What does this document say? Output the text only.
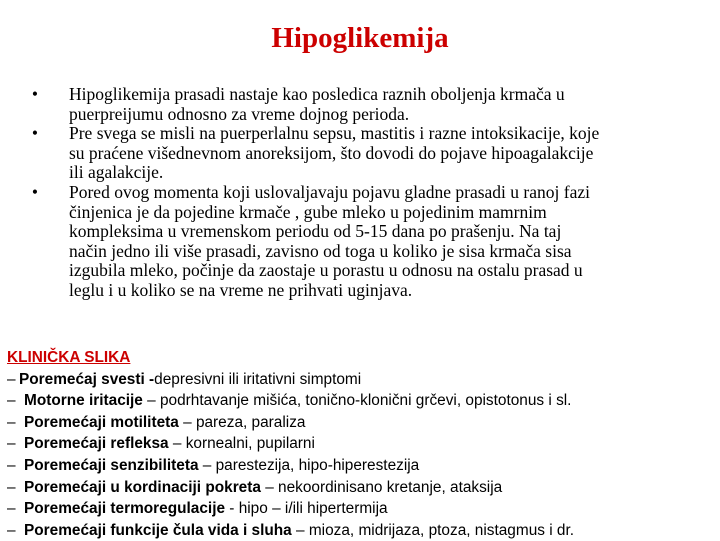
Hipoglikemija
• Hipoglikemija prasadi nastaje kao posledica raznih oboljenja krmača u
puerpreijumu odnosno za vreme dojnog perioda.
• Pre svega se misli na puerperlalnu sepsu, mastitis i razne intoksikacije, koje
su praćene višednevnom anoreksijom, što dovodi do pojave hipoagalakcije
ili agalakcije.
• Pored ovog momenta koji uslovaljavaju pojavu gladne prasadi u ranoj fazi
činjenica je da pojedine krmače , gube mleko u pojedinim mamrnim
kompleksima u vremenskom periodu od 5-15 dana po prašenju. Na taj
način jedno ili više prasadi, zavisno od toga u koliko je sisa krmača sisa
izgubila mleko, počinje da zaostaje u porastu u odnosu na ostalu prasad u
leglu i u koliko se na vreme ne prihvati uginjava.
KLINIČKA SLIKA
– Poremećaj svesti -depresivni ili iritativni simptomi
– Motorne iritacije – podrhtavanje mišića, tonično-klonični grčevi, opistotonus i sl.
– Poremećaji motiliteta – pareza, paraliza
– Poremećaji refleksa – kornealni, pupilarni
– Poremećaji senzibiliteta – parestezija, hipo-hiperestezija
– Poremećaji u kordinaciji pokreta – nekoordinisano kretanje, ataksija
– Poremećaji termoregulacije - hipo – i/ili hipertermija
– Poremećaji funkcije čula vida i sluha – mioza, midrijaza, ptoza, nistagmus i dr.
